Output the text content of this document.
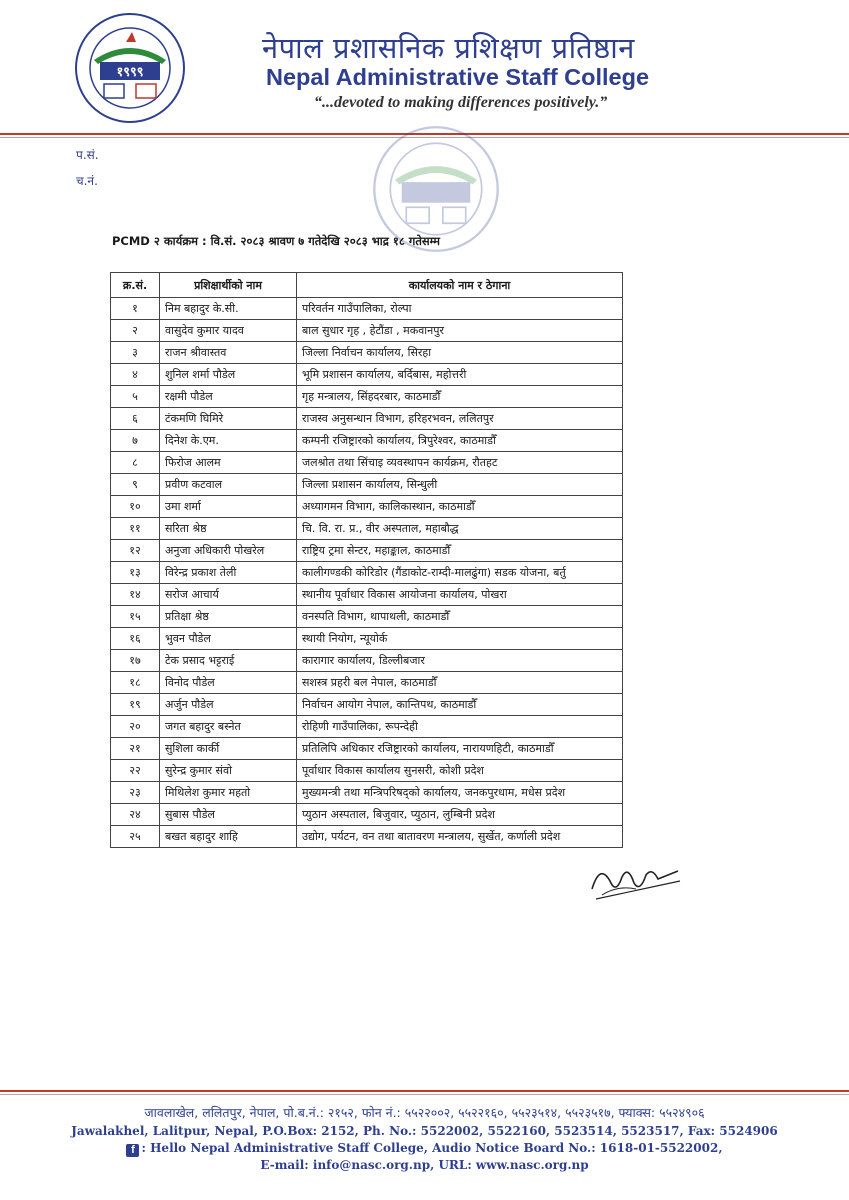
१९९९
नेपाल प्रशासनिक प्रशिक्षण प्रतिष्ठान
Nepal Administrative Staff College
“...devoted to making differences positively.”
प.सं.
च.नं.
PCMD २ कार्यक्रम : वि.सं. २०८३ श्रावण ७ गतेदेखि २०८३ भाद्र १८ गतेसम्म
क्र.सं.	प्रशिक्षार्थीको नाम	कार्यालयको नाम र ठेगाना
१	निम बहादुर के.सी.	परिवर्तन गाउँपालिका, रोल्पा
२	वासुदेव कुमार यादव	बाल सुधार गृह , हेटौंडा , मकवानपुर
३	राजन श्रीवास्तव	जिल्ला निर्वाचन कार्यालय, सिरहा
४	शुनिल शर्मा पौडेल	भूमि प्रशासन कार्यालय, बर्दिबास, महोत्तरी
५	रक्षमी पौडेल	गृह मन्त्रालय, सिंहदरबार, काठमाडौँ
६	टंकमणि घिमिरे	राजस्व अनुसन्धान विभाग, हरिहरभवन, ललितपुर
७	दिनेश के.एम.	कम्पनी रजिष्ट्रारको कार्यालय, त्रिपुरेश्वर, काठमाडौँ
८	फिरोज आलम	जलश्रोत तथा सिंचाइ व्यवस्थापन कार्यक्रम, रौतहट
९	प्रवीण कटवाल	जिल्ला प्रशासन कार्यालय, सिन्धुली
१०	उमा शर्मा	अध्यागमन विभाग, कालिकास्थान, काठमाडौँ
११	सरिता श्रेष्ठ	चि. वि. रा. प्र., वीर अस्पताल, महाबौद्ध
१२	अनुजा अधिकारी पोखरेल	राष्ट्रिय ट्रमा सेन्टर, महाङ्काल, काठमाडौँ
१३	विरेन्द्र प्रकाश तेली	कालीगण्डकी कोरिडोर (गैंडाकोट-राम्दी-मालढुंगा) सडक योजना, बर्तु
१४	सरोज आचार्य	स्थानीय पूर्वाधार विकास आयोजना कार्यालय, पोखरा
१५	प्रतिक्षा श्रेष्ठ	वनस्पति विभाग, थापाथली, काठमाडौँ
१६	भुवन पौडेल	स्थायी नियोग, न्यूयोर्क
१७	टेक प्रसाद भट्टराई	कारागार कार्यालय, डिल्लीबजार
१८	विनोद पौडेल	सशस्त्र प्रहरी बल नेपाल, काठमाडौँ
१९	अर्जुन पौडेल	निर्वाचन आयोग नेपाल, कान्तिपथ, काठमाडौँ
२०	जगत बहादुर बस्नेत	रोहिणी गाउँपालिका, रूपन्देही
२१	सुशिला कार्की	प्रतिलिपि अधिकार रजिष्ट्रारको कार्यालय, नारायणहिटी, काठमाडौँ
२२	सुरेन्द्र कुमार संवो	पूर्वाधार विकास कार्यालय सुनसरी, कोशी प्रदेश
२३	मिथिलेश कुमार महतो	मुख्यमन्त्री तथा मन्त्रिपरिषद्को कार्यालय, जनकपुरधाम, मधेस प्रदेश
२४	सुबास पौडेल	प्युठान अस्पताल, बिजुवार, प्युठान, लुम्बिनी प्रदेश
२५	बखत बहादुर शाहि	उद्योग, पर्यटन, वन तथा बातावरण मन्त्रालय, सुर्खेत, कर्णाली प्रदेश
जावलाखेल, ललितपुर, नेपाल, पो.ब.नं.: २१५२, फोन नं.: ५५२२००२, ५५२२१६०, ५५२३५१४, ५५२३५१७, फ्याक्स: ५५२४९०६
Jawalakhel, Lalitpur, Nepal, P.O.Box: 2152, Ph. No.: 5522002, 5522160, 5523514, 5523517, Fax: 5524906
f : Hello Nepal Administrative Staff College, Audio Notice Board No.: 1618-01-5522002,
E-mail: info@nasc.org.np, URL: www.nasc.org.np
